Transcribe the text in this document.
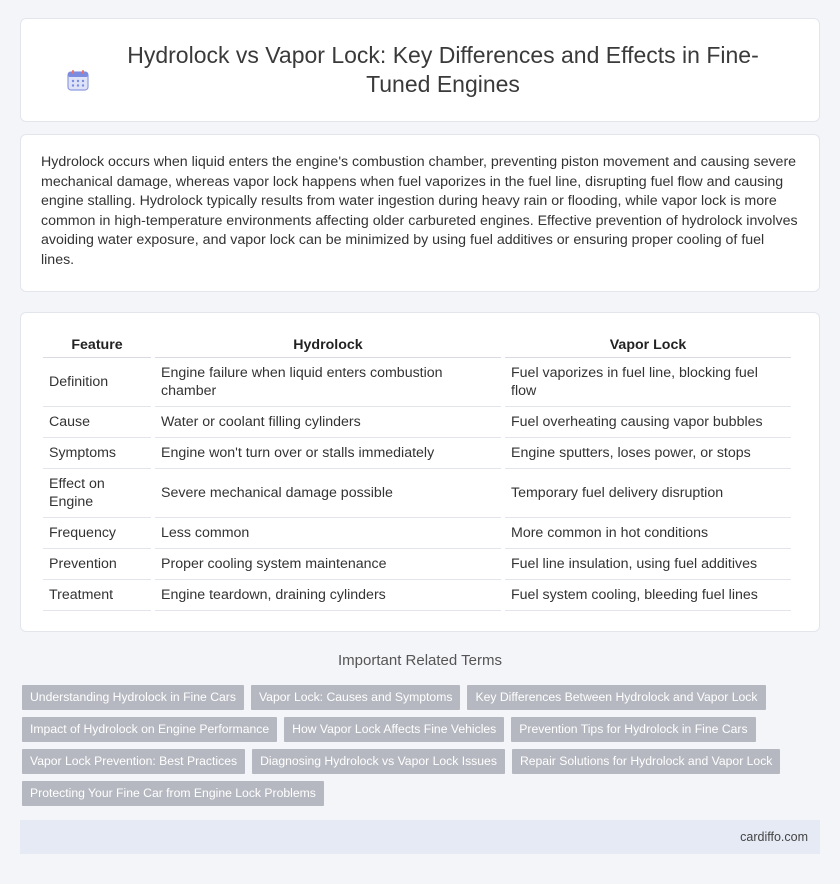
Hydrolock vs Vapor Lock: Key Differences and Effects in Fine-Tuned Engines

Hydrolock occurs when liquid enters the engine's combustion chamber, preventing piston movement and causing severe mechanical damage, whereas vapor lock happens when fuel vaporizes in the fuel line, disrupting fuel flow and causing engine stalling. Hydrolock typically results from water ingestion during heavy rain or flooding, while vapor lock is more common in high-temperature environments affecting older carbureted engines. Effective prevention of hydrolock involves avoiding water exposure, and vapor lock can be minimized by using fuel additives or ensuring proper cooling of fuel lines.

Feature	Hydrolock	Vapor Lock
Definition	Engine failure when liquid enters combustion chamber	Fuel vaporizes in fuel line, blocking fuel flow
Cause	Water or coolant filling cylinders	Fuel overheating causing vapor bubbles
Symptoms	Engine won't turn over or stalls immediately	Engine sputters, loses power, or stops
Effect on Engine	Severe mechanical damage possible	Temporary fuel delivery disruption
Frequency	Less common	More common in hot conditions
Prevention	Proper cooling system maintenance	Fuel line insulation, using fuel additives
Treatment	Engine teardown, draining cylinders	Fuel system cooling, bleeding fuel lines
Important Related Terms
Understanding Hydrolock in Fine Cars	Vapor Lock: Causes and Symptoms	Key Differences Between Hydrolock and Vapor Lock
Impact of Hydrolock on Engine Performance	How Vapor Lock Affects Fine Vehicles	Prevention Tips for Hydrolock in Fine Cars
Vapor Lock Prevention: Best Practices	Diagnosing Hydrolock vs Vapor Lock Issues	Repair Solutions for Hydrolock and Vapor Lock
Protecting Your Fine Car from Engine Lock Problems
cardiffo.com
